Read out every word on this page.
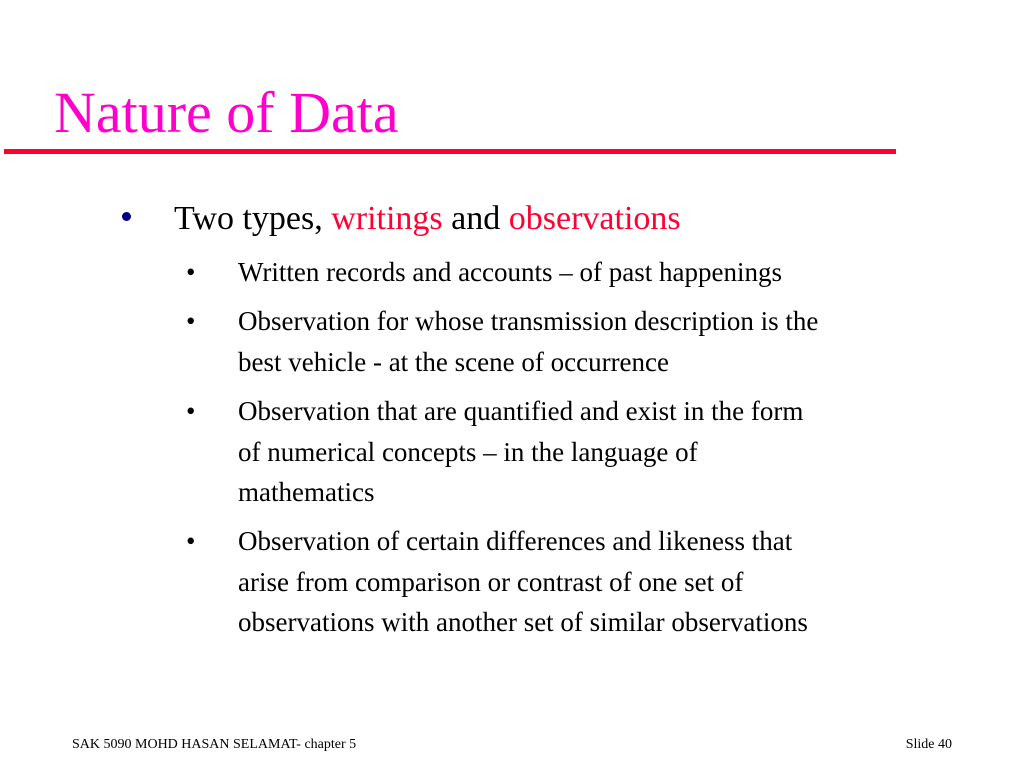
Nature of Data
Two types, writings and observations
• Written records and accounts – of past happenings
• Observation for whose transmission description is the
best vehicle - at the scene of occurrence
• Observation that are quantified and exist in the form
of numerical concepts – in the language of
mathematics
• Observation of certain differences and likeness that
arise from comparison or contrast of one set of
observations with another set of similar observations
SAK 5090 MOHD HASAN SELAMAT- chapter 5	Slide 40
